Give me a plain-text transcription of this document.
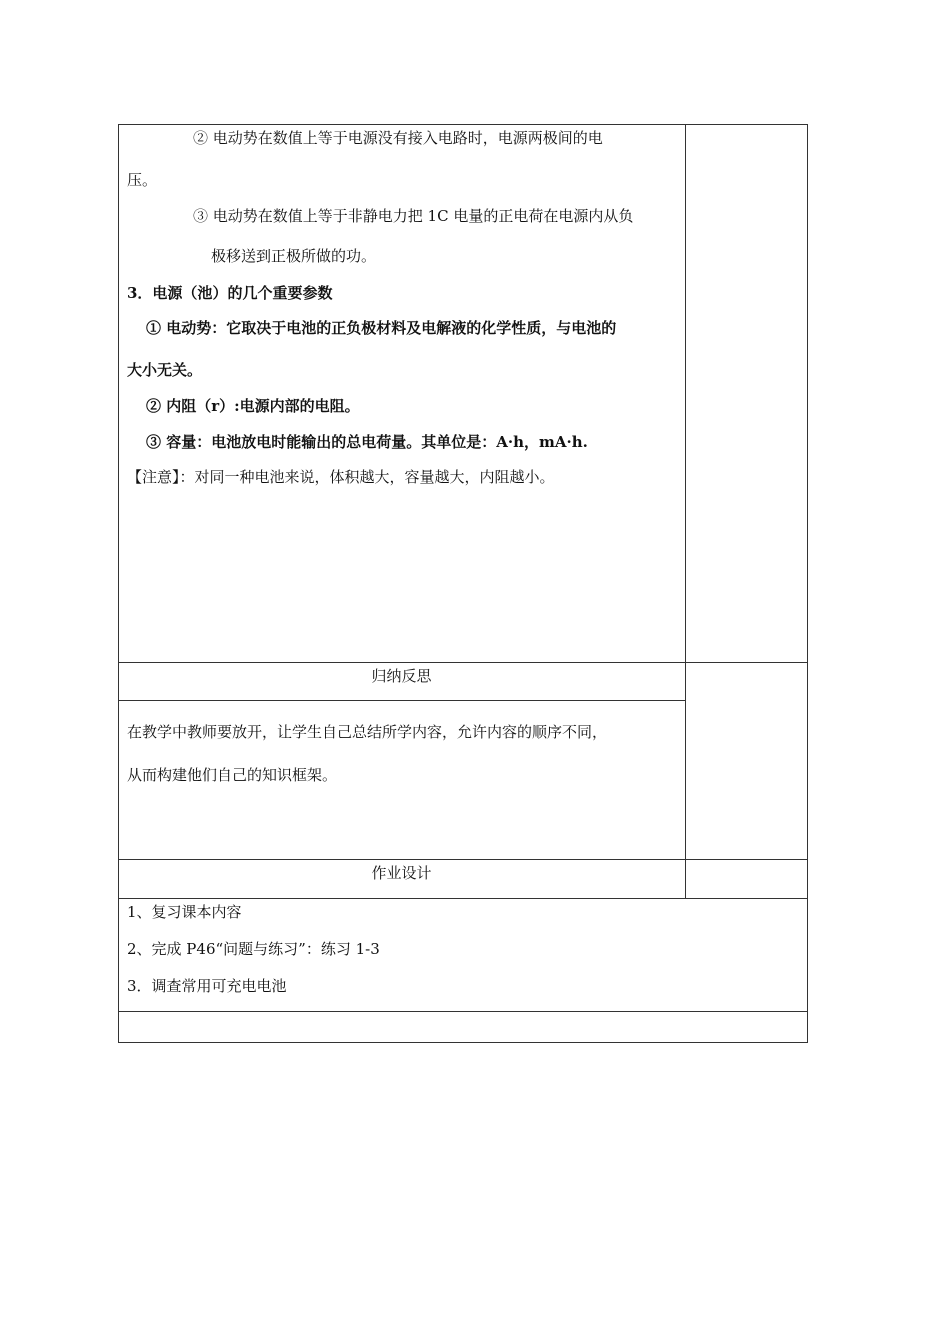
② 电动势在数值上等于电源没有接入电路时，电源两极间的电
压。
③ 电动势在数值上等于非静电力把 1C 电量的正电荷在电源内从负
极移送到正极所做的功。
3．电源（池）的几个重要参数
① 电动势：它取决于电池的正负极材料及电解液的化学性质，与电池的
大小无关。
② 内阻（r）:电源内部的电阻。
③ 容量：电池放电时能输出的总电荷量。其单位是：A·h，mA·h.
【注意】：对同一种电池来说，体积越大，容量越大，内阻越小。
归纳反思
在教学中教师要放开，让学生自己总结所学内容，允许内容的顺序不同，
从而构建他们自己的知识框架。
作业设计
1、复习课本内容
2、完成 P46“问题与练习”：练习 1-3
3．调查常用可充电电池
